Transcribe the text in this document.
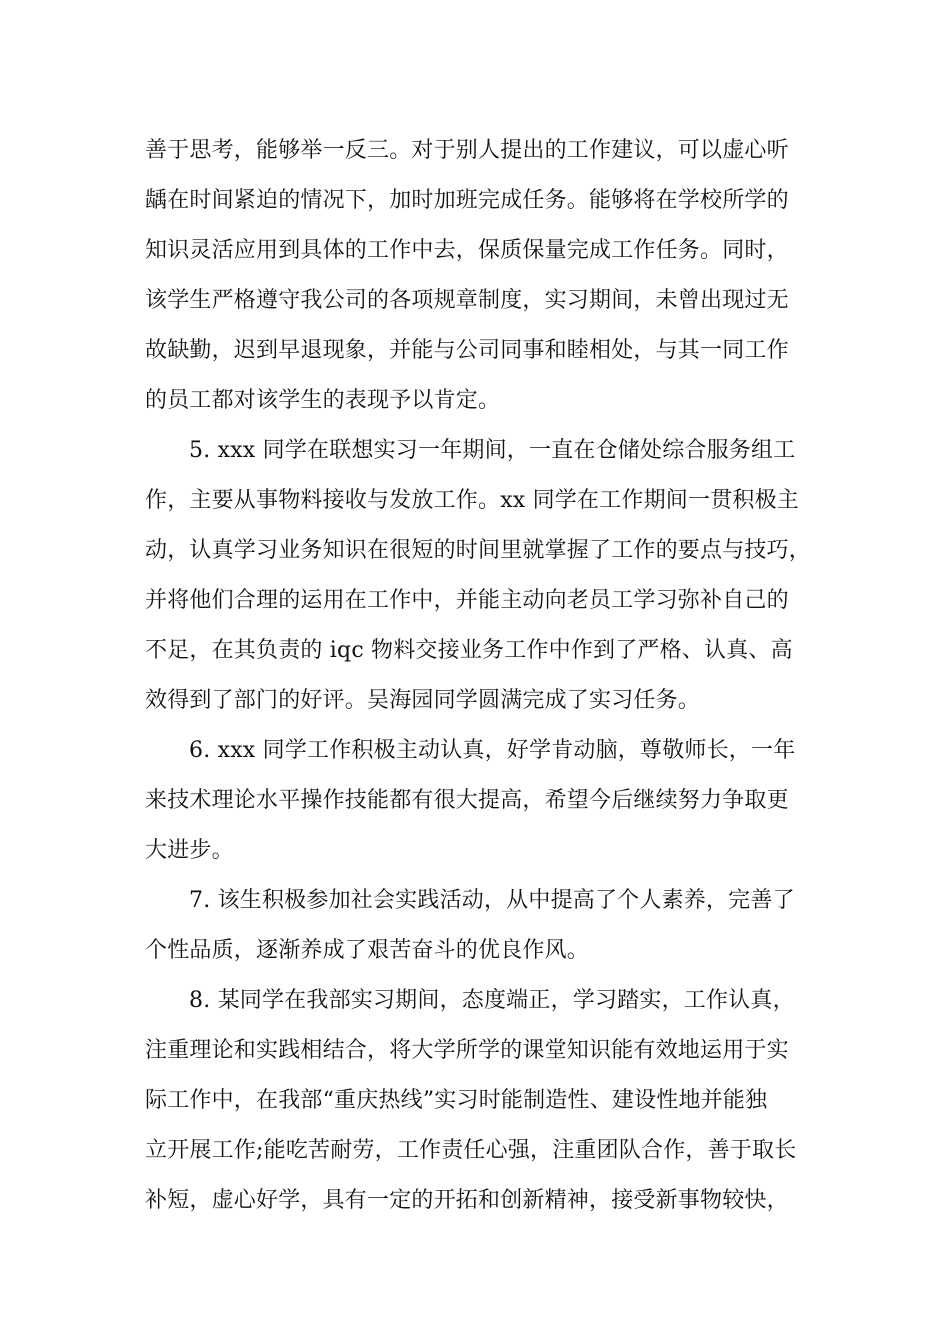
善于思考，能够举一反三。对于别人提出的工作建议，可以虚心听
龋在时间紧迫的情况下，加时加班完成任务。能够将在学校所学的
知识灵活应用到具体的工作中去，保质保量完成工作任务。同时，
该学生严格遵守我公司的各项规章制度，实习期间，未曾出现过无
故缺勤，迟到早退现象，并能与公司同事和睦相处，与其一同工作
的员工都对该学生的表现予以肯定。
5. xxx 同学在联想实习一年期间，一直在仓储处综合服务组工
作，主要从事物料接收与发放工作。xx 同学在工作期间一贯积极主
动，认真学习业务知识在很短的时间里就掌握了工作的要点与技巧，
并将他们合理的运用在工作中，并能主动向老员工学习弥补自己的
不足，在其负责的 iqc 物料交接业务工作中作到了严格、认真、高
效得到了部门的好评。吴海园同学圆满完成了实习任务。
6. xxx 同学工作积极主动认真，好学肯动脑，尊敬师长，一年
来技术理论水平操作技能都有很大提高，希望今后继续努力争取更
大进步。
7. 该生积极参加社会实践活动，从中提高了个人素养，完善了
个性品质，逐渐养成了艰苦奋斗的优良作风。
8. 某同学在我部实习期间，态度端正，学习踏实，工作认真，
注重理论和实践相结合，将大学所学的课堂知识能有效地运用于实
际工作中，在我部“重庆热线”实习时能制造性、建设性地并能独
立开展工作;能吃苦耐劳，工作责任心强，注重团队合作，善于取长
补短，虚心好学，具有一定的开拓和创新精神，接受新事物较快，
